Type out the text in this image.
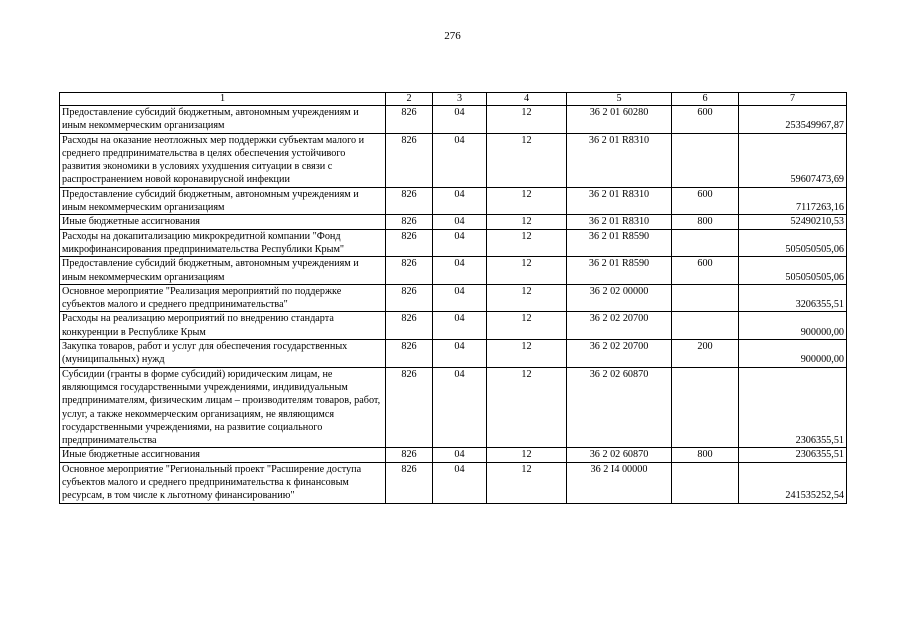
276
1	2	3	4	5	6	7
Предоставление субсидий бюджетным, автономным учреждениям и иным некоммерческим организациям	826	04	12	36 2 01 60280	600	253549967,87
Расходы на оказание неотложных мер поддержки субъектам малого и среднего предпринимательства в целях обеспечения устойчивого развития экономики в условиях ухудшения ситуации в связи с распространением новой коронавирусной инфекции	826	04	12	36 2 01 R8310		59607473,69
Предоставление субсидий бюджетным, автономным учреждениям и иным некоммерческим организациям	826	04	12	36 2 01 R8310	600	7117263,16
Иные бюджетные ассигнования	826	04	12	36 2 01 R8310	800	52490210,53
Расходы на докапитализацию микрокредитной компании "Фонд микрофинансирования предпринимательства Республики Крым"	826	04	12	36 2 01 R8590		505050505,06
Предоставление субсидий бюджетным, автономным учреждениям и иным некоммерческим организациям	826	04	12	36 2 01 R8590	600	505050505,06
Основное мероприятие "Реализация мероприятий по поддержке субъектов малого и среднего предпринимательства"	826	04	12	36 2 02 00000		3206355,51
Расходы на реализацию мероприятий по внедрению стандарта конкуренции в Республике Крым	826	04	12	36 2 02 20700		900000,00
Закупка товаров, работ и услуг для обеспечения государственных (муниципальных) нужд	826	04	12	36 2 02 20700	200	900000,00
Субсидии (гранты в форме субсидий) юридическим лицам, не являющимся государственными учреждениями, индивидуальным предпринимателям, физическим лицам – производителям товаров, работ, услуг, а также некоммерческим организациям, не являющимся государственными учреждениями, на развитие социального предпринимательства	826	04	12	36 2 02 60870		2306355,51
Иные бюджетные ассигнования	826	04	12	36 2 02 60870	800	2306355,51
Основное мероприятие "Региональный проект "Расширение доступа субъектов малого и среднего предпринимательства к финансовым ресурсам, в том числе к льготному финансированию"	826	04	12	36 2 I4 00000		241535252,54
